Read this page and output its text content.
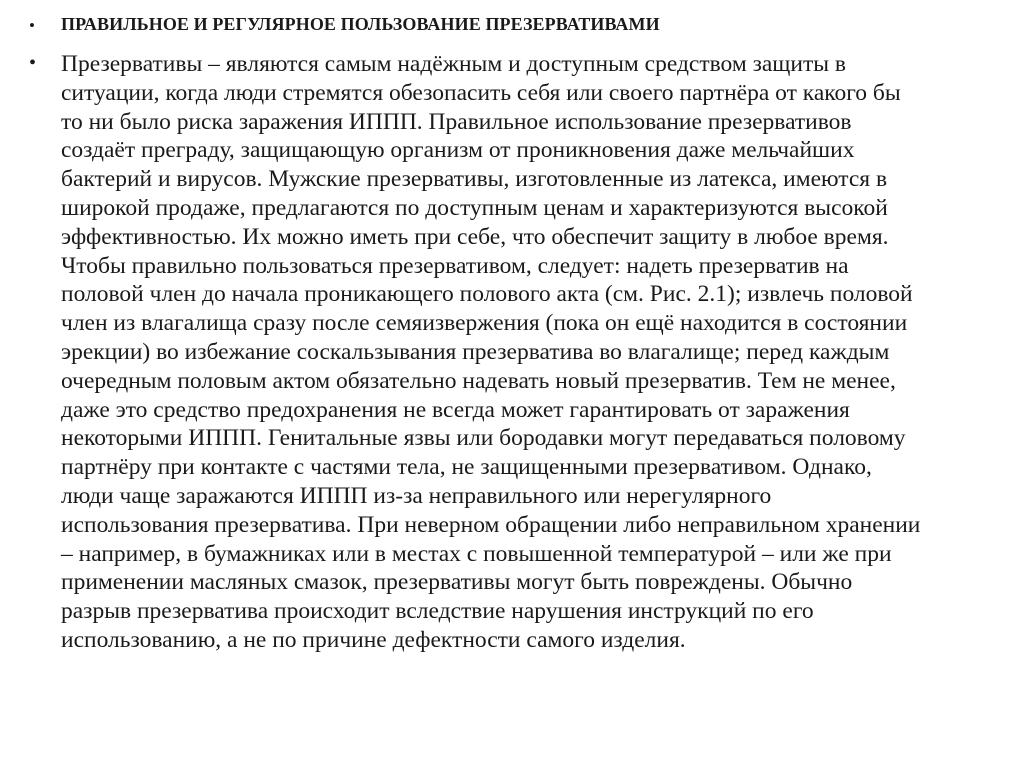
• ПРАВИЛЬНОЕ И РЕГУЛЯРНОЕ ПОЛЬЗОВАНИЕ ПРЕЗЕРВАТИВАМИ
• Презервативы – являются самым надёжным и доступным средством защиты в
ситуации, когда люди стремятся обезопасить себя или своего партнёра от какого бы
то ни было риска заражения ИППП. Правильное использование презервативов
создаёт преграду, защищающую организм от проникновения даже мельчайших
бактерий и вирусов. Мужские презервативы, изготовленные из латекса, имеются в
широкой продаже, предлагаются по доступным ценам и характеризуются высокой
эффективностью. Их можно иметь при себе, что обеспечит защиту в любое время.
Чтобы правильно пользоваться презервативом, следует: надеть презерватив на
половой член до начала проникающего полового акта (см. Рис. 2.1); извлечь половой
член из влагалища сразу после семяизвержения (пока он ещё находится в состоянии
эрекции) во избежание соскальзывания презерватива во влагалище; перед каждым
очередным половым актом обязательно надевать новый презерватив. Тем не менее,
даже это средство предохранения не всегда может гарантировать от заражения
некоторыми ИППП. Генитальные язвы или бородавки могут передаваться половому
партнёру при контакте с частями тела, не защищенными презервативом. Однако,
люди чаще заражаются ИППП из-за неправильного или нерегулярного
использования презерватива. При неверном обращении либо неправильном хранении
– например, в бумажниках или в местах с повышенной температурой – или же при
применении масляных смазок, презервативы могут быть повреждены. Обычно
разрыв презерватива происходит вследствие нарушения инструкций по его
использованию, а не по причине дефектности самого изделия.
